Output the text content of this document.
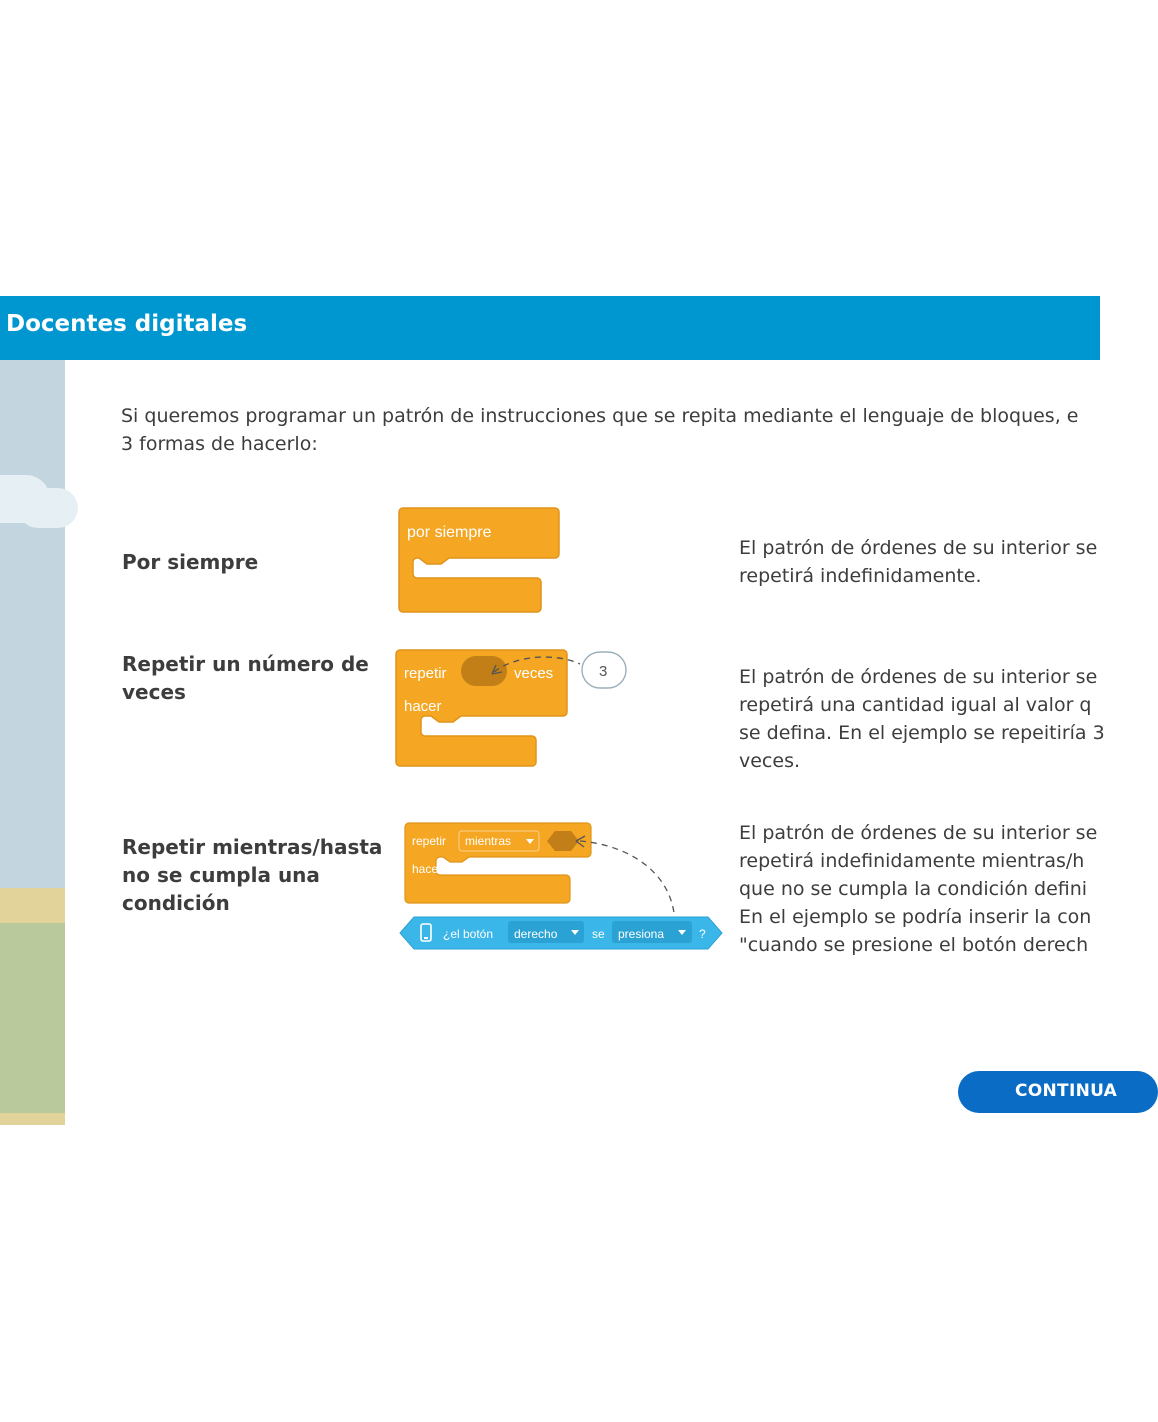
Docentes digitales
Si queremos programar un patrón de instrucciones que se repita mediante el lenguaje de bloques, e
3 formas de hacerlo:
Por siempre
por siempre
El patrón de órdenes de su interior se
repetirá indefinidamente.
Repetir un número de
veces
repetir	veces
hacer
3	El patrón de órdenes de su interior se
repetirá una cantidad igual al valor q
se defina. En el ejemplo se repeitiría 3
veces.
Repetir mientras/hasta
no se cumpla una
condición
repetir mientras
hacer
¿el botón derecho	se presiona	?
El patrón de órdenes de su interior se
repetirá indefinidamente mientras/h
que no se cumpla la condición defini
En el ejemplo se podría inserir la con
"cuando se presione el botón derech
CONTINUA
